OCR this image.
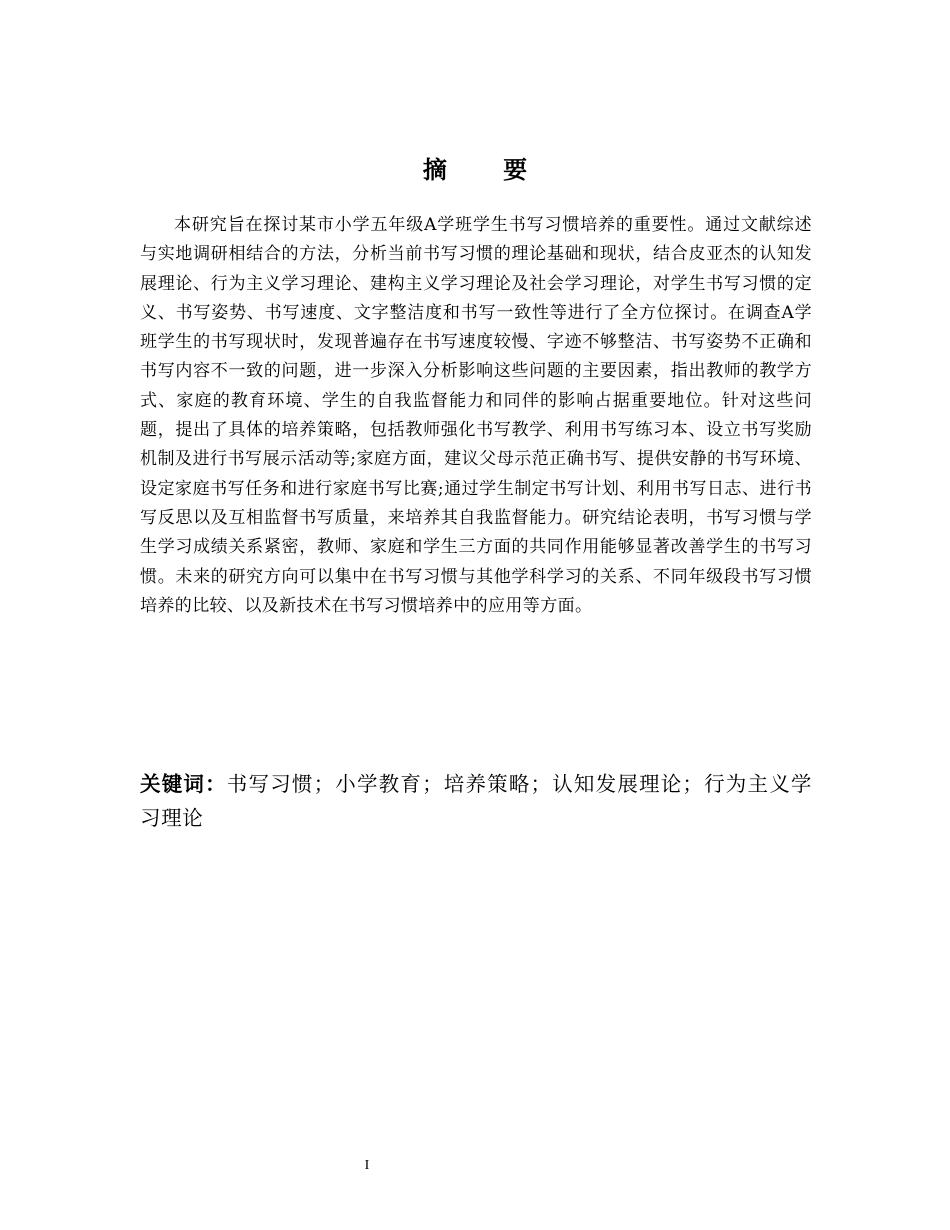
摘 要

本研究旨在探讨某市小学五年级A学班学生书写习惯培养的重要性。通过文献综述与实地调研相结合的方法，分析当前书写习惯的理论基础和现状，结合皮亚杰的认知发展理论、行为主义学习理论、建构主义学习理论及社会学习理论，对学生书写习惯的定义、书写姿势、书写速度、文字整洁度和书写一致性等进行了全方位探讨。在调查A学班学生的书写现状时，发现普遍存在书写速度较慢、字迹不够整洁、书写姿势不正确和书写内容不一致的问题，进一步深入分析影响这些问题的主要因素，指出教师的教学方式、家庭的教育环境、学生的自我监督能力和同伴的影响占据重要地位。针对这些问题，提出了具体的培养策略，包括教师强化书写教学、利用书写练习本、设立书写奖励机制及进行书写展示活动等;家庭方面，建议父母示范正确书写、提供安静的书写环境、设定家庭书写任务和进行家庭书写比赛;通过学生制定书写计划、利用书写日志、进行书写反思以及互相监督书写质量，来培养其自我监督能力。研究结论表明，书写习惯与学生学习成绩关系紧密，教师、家庭和学生三方面的共同作用能够显著改善学生的书写习惯。未来的研究方向可以集中在书写习惯与其他学科学习的关系、不同年级段书写习惯培养的比较、以及新技术在书写习惯培养中的应用等方面。

关键词：书写习惯；小学教育；培养策略；认知发展理论；行为主义学习理论

I
